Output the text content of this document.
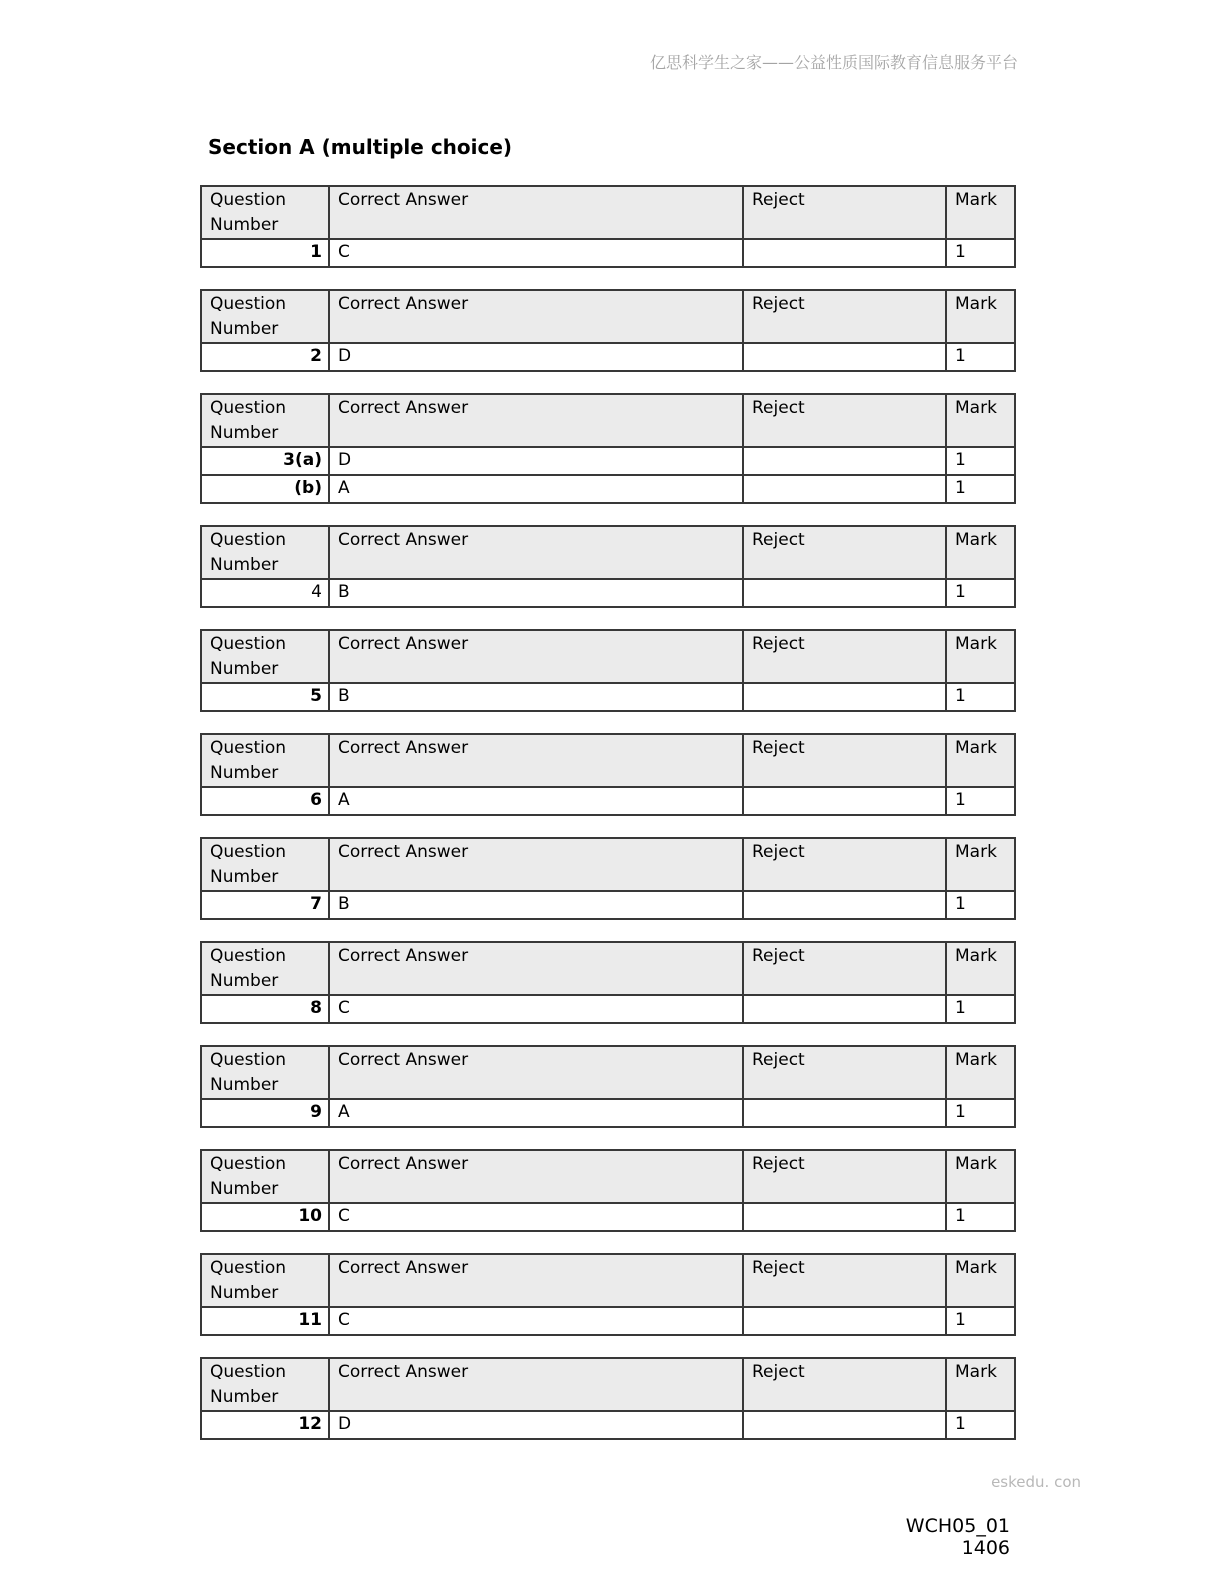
亿思科学生之家——公益性质国际教育信息服务平台
Section A (multiple choice)
Question Number	Correct Answer	Reject	Mark
1	C		1
Question Number	Correct Answer	Reject	Mark
2	D		1
Question Number	Correct Answer	Reject	Mark
3(a)	D		1
(b)	A		1
Question Number	Correct Answer	Reject	Mark
4	B		1
Question Number	Correct Answer	Reject	Mark
5	B		1
Question Number	Correct Answer	Reject	Mark
6	A		1
Question Number	Correct Answer	Reject	Mark
7	B		1
Question Number	Correct Answer	Reject	Mark
8	C		1
Question Number	Correct Answer	Reject	Mark
9	A		1
Question Number	Correct Answer	Reject	Mark
10	C		1
Question Number	Correct Answer	Reject	Mark
11	C		1
Question Number	Correct Answer	Reject	Mark
12	D		1
eskedu. con
WCH05_01
1406
